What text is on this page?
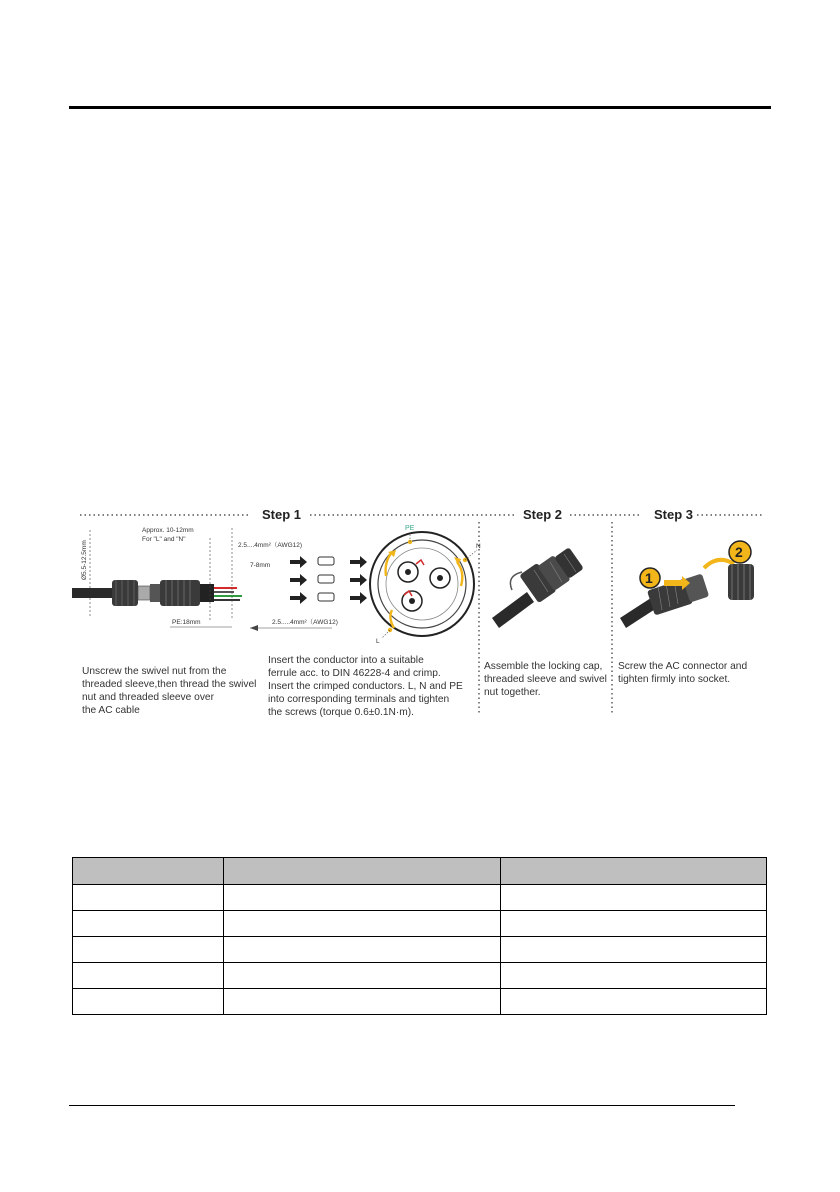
Step 1	Step 2	Step 3
Ø5.5-12.5mm
Approx. 10-12mm
For "L" and "N"
2.5....4mm²（AWG12)
7-8mm
PE:18mm	2.5.....4mm²（AWG12)
PE
N
L
1
2
Unscrew the swivel nut from the threaded sleeve,then thread the swivel nut and threaded sleeve over the AC cable
Insert the conductor into a suitable ferrule acc. to DIN 46228-4 and crimp. Insert the crimped conductors. L, N and PE into corresponding terminals and tighten the screws (torque 0.6±0.1N·m).
Assemble the locking cap, threaded sleeve and swivel nut together.
Screw the AC connector and tighten firmly into socket.
